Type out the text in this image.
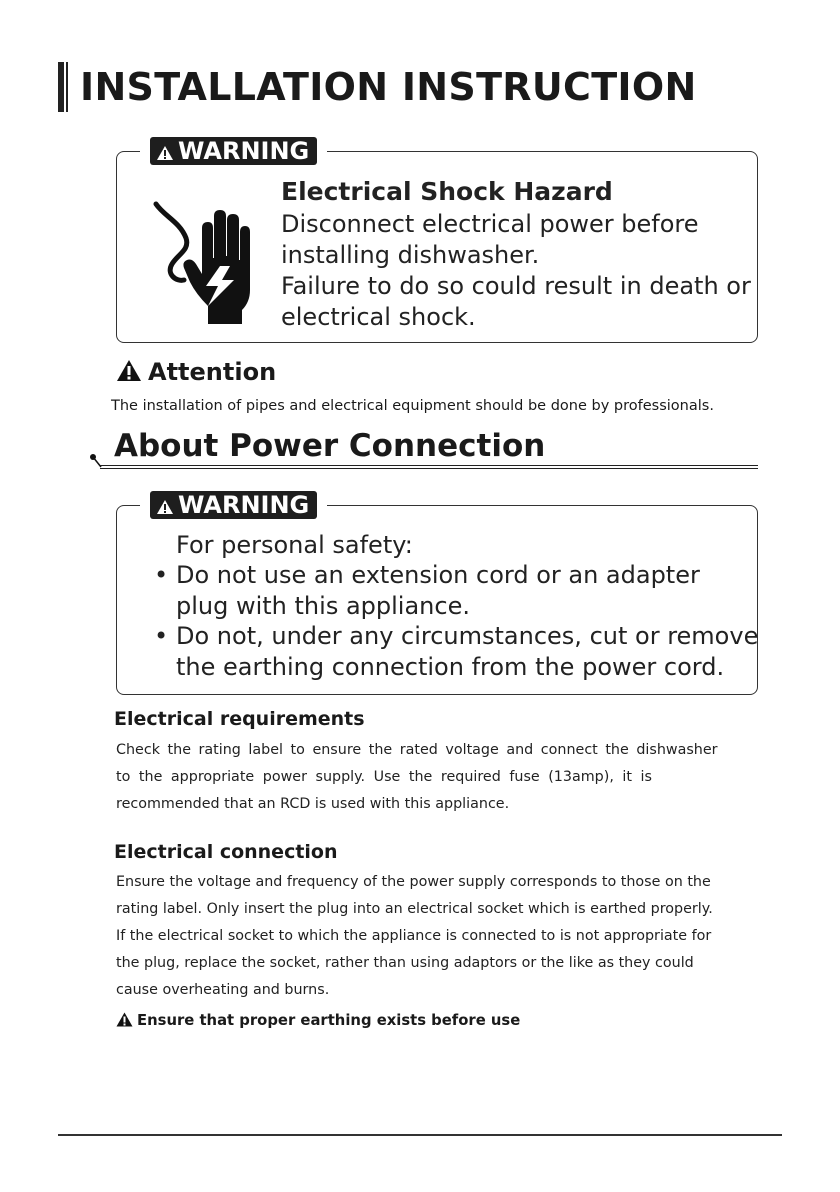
INSTALLATION INSTRUCTION
WARNING
Electrical Shock Hazard
Disconnect electrical power before
installing dishwasher.
Failure to do so could result in death or
electrical shock.
Attention
The installation of pipes and electrical equipment should be done by professionals.
About Power Connection
WARNING
For personal safety:
• Do not use an extension cord or an adapter
plug with this appliance.
• Do not, under any circumstances, cut or remove
the earthing connection from the power cord.
Electrical requirements
Check the rating label to ensure the rated voltage and connect the dishwasher
to the appropriate power supply. Use the required fuse (13amp), it is
recommended that an RCD is used with this appliance.
Electrical connection
Ensure the voltage and frequency of the power supply corresponds to those on the
rating label. Only insert the plug into an electrical socket which is earthed properly.
If the electrical socket to which the appliance is connected to is not appropriate for
the plug, replace the socket, rather than using adaptors or the like as they could
cause overheating and burns.
Ensure that proper earthing exists before use
